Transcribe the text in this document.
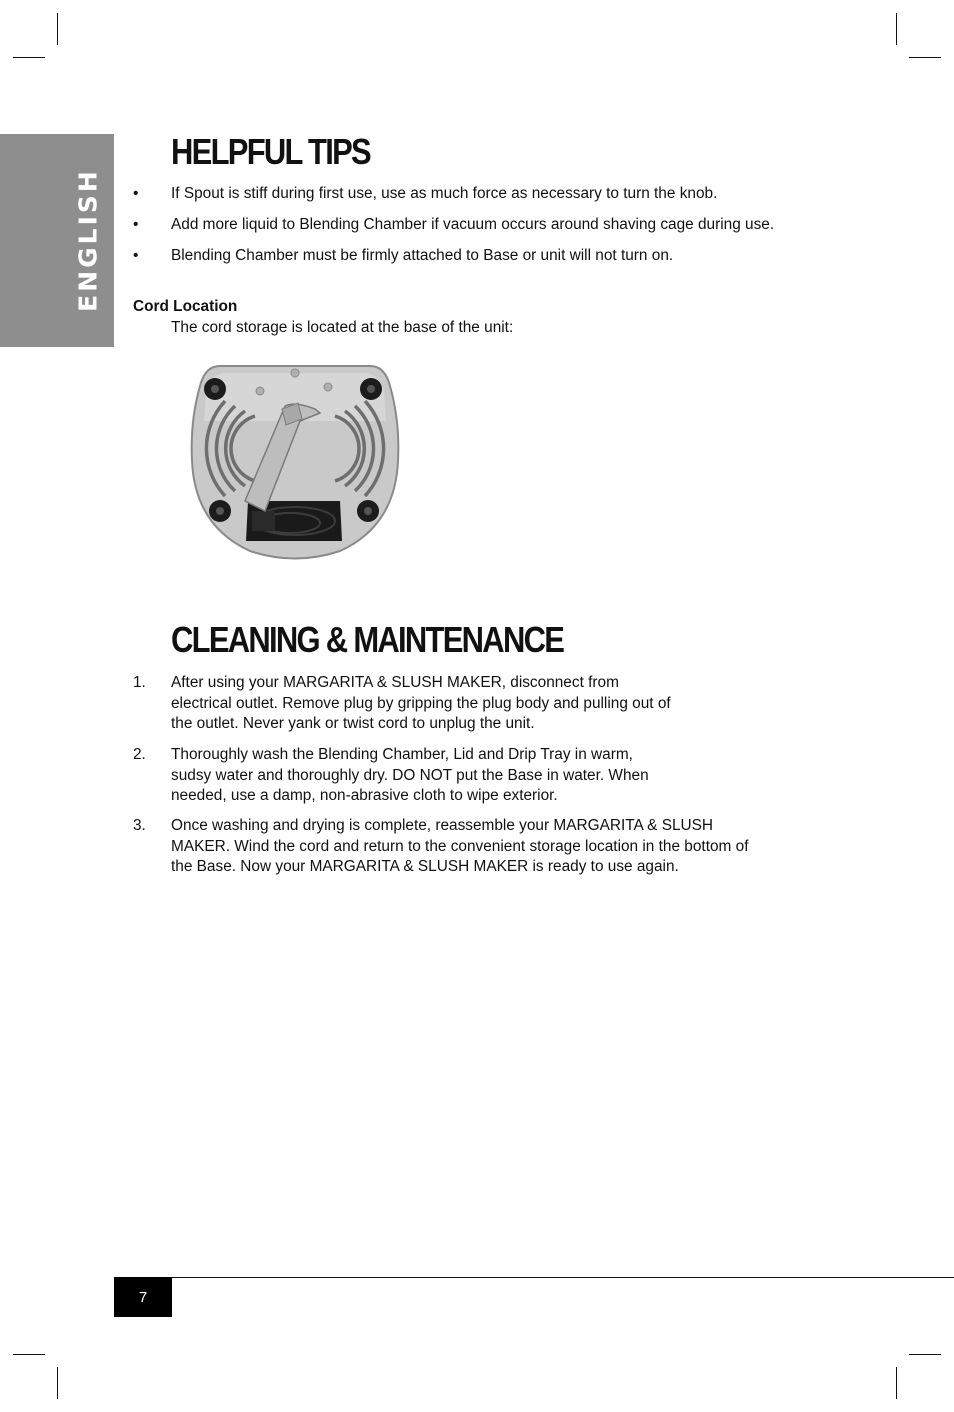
ENGLISH
HELPFUL TIPS
• If Spout is stiff during first use, use as much force as necessary to turn the knob.
• Add more liquid to Blending Chamber if vacuum occurs around shaving cage during use.
• Blending Chamber must be firmly attached to Base or unit will not turn on.
Cord Location
The cord storage is located at the base of the unit:
CLEANING & MAINTENANCE
1. After using your MARGARITA & SLUSH MAKER, disconnect from electrical outlet. Remove plug by gripping the plug body and pulling out of the outlet. Never yank or twist cord to unplug the unit.
2. Thoroughly wash the Blending Chamber, Lid and Drip Tray in warm, sudsy water and thoroughly dry. DO NOT put the Base in water. When needed, use a damp, non-abrasive cloth to wipe exterior.
3. Once washing and drying is complete, reassemble your MARGARITA & SLUSH MAKER. Wind the cord and return to the convenient storage location in the bottom of the Base. Now your MARGARITA & SLUSH MAKER is ready to use again.
7
